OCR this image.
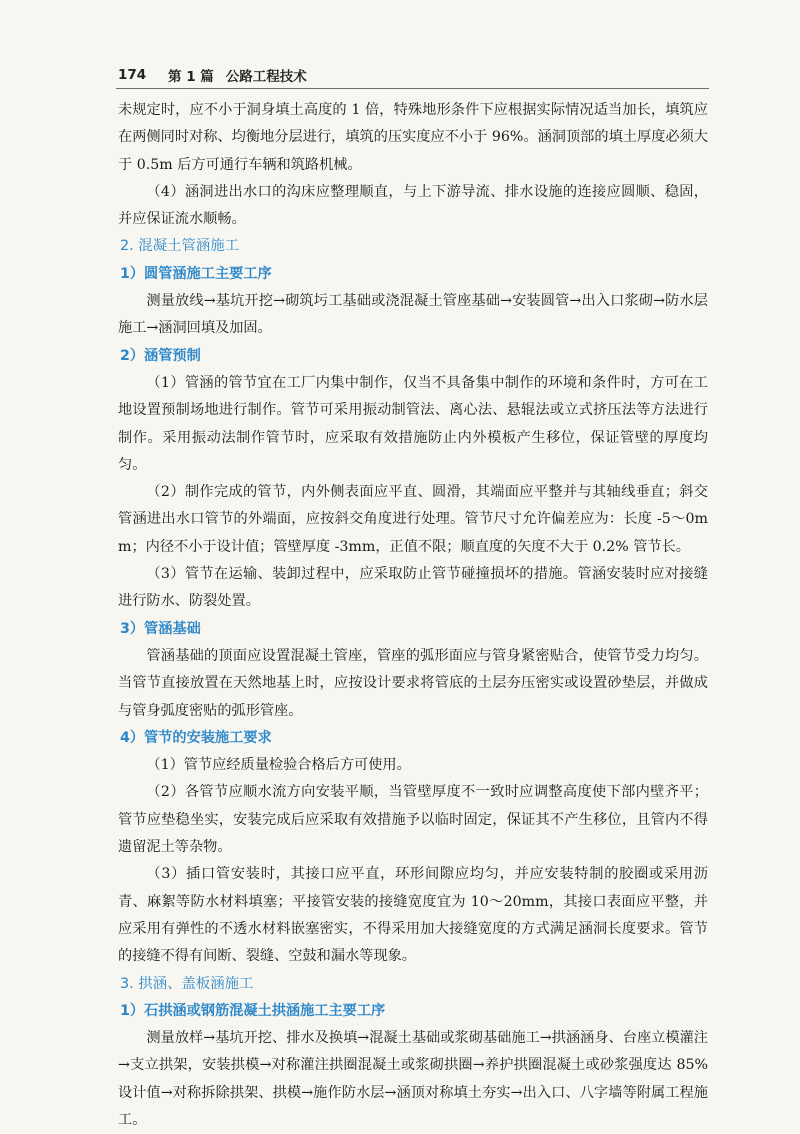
174	第 1 篇 公路工程技术
未规定时，应不小于洞身填土高度的 1 倍，特殊地形条件下应根据实际情况适当加长，填筑应在两侧同时对称、均衡地分层进行，填筑的压实度应不小于 96%。涵洞顶部的填土厚度必须大于 0.5m 后方可通行车辆和筑路机械。
（4）涵洞进出水口的沟床应整理顺直，与上下游导流、排水设施的连接应圆顺、稳固，并应保证流水顺畅。
2. 混凝土管涵施工
1）圆管涵施工主要工序
测量放线→基坑开挖→砌筑圬工基础或浇混凝土管座基础→安装圆管→出入口浆砌→防水层施工→涵洞回填及加固。
2）涵管预制
（1）管涵的管节宜在工厂内集中制作，仅当不具备集中制作的环境和条件时，方可在工地设置预制场地进行制作。管节可采用振动制管法、离心法、悬辊法或立式挤压法等方法进行制作。采用振动法制作管节时，应采取有效措施防止内外模板产生移位，保证管壁的厚度均匀。
（2）制作完成的管节，内外侧表面应平直、圆滑，其端面应平整并与其轴线垂直；斜交管涵进出水口管节的外端面，应按斜交角度进行处理。管节尺寸允许偏差应为：长度 -5～0mm；内径不小于设计值；管壁厚度 -3mm，正值不限；顺直度的矢度不大于 0.2% 管节长。
（3）管节在运输、装卸过程中，应采取防止管节碰撞损坏的措施。管涵安装时应对接缝进行防水、防裂处置。
3）管涵基础
管涵基础的顶面应设置混凝土管座，管座的弧形面应与管身紧密贴合，使管节受力均匀。当管节直接放置在天然地基上时，应按设计要求将管底的土层夯压密实或设置砂垫层，并做成与管身弧度密贴的弧形管座。
4）管节的安装施工要求
（1）管节应经质量检验合格后方可使用。
（2）各管节应顺水流方向安装平顺，当管壁厚度不一致时应调整高度使下部内壁齐平；管节应垫稳坐实，安装完成后应采取有效措施予以临时固定，保证其不产生移位，且管内不得遗留泥土等杂物。
（3）插口管安装时，其接口应平直，环形间隙应均匀，并应安装特制的胶圈或采用沥青、麻絮等防水材料填塞；平接管安装的接缝宽度宜为 10～20mm，其接口表面应平整，并应采用有弹性的不透水材料嵌塞密实，不得采用加大接缝宽度的方式满足涵洞长度要求。管节的接缝不得有间断、裂缝、空鼓和漏水等现象。
3. 拱涵、盖板涵施工
1）石拱涵或钢筋混凝土拱涵施工主要工序
测量放样→基坑开挖、排水及换填→混凝土基础或浆砌基础施工→拱涵涵身、台座立模灌注→支立拱架，安装拱模→对称灌注拱圈混凝土或浆砌拱圈→养护拱圈混凝土或砂浆强度达 85% 设计值→对称拆除拱架、拱模→施作防水层→涵顶对称填土夯实→出入口、八字墙等附属工程施工。
